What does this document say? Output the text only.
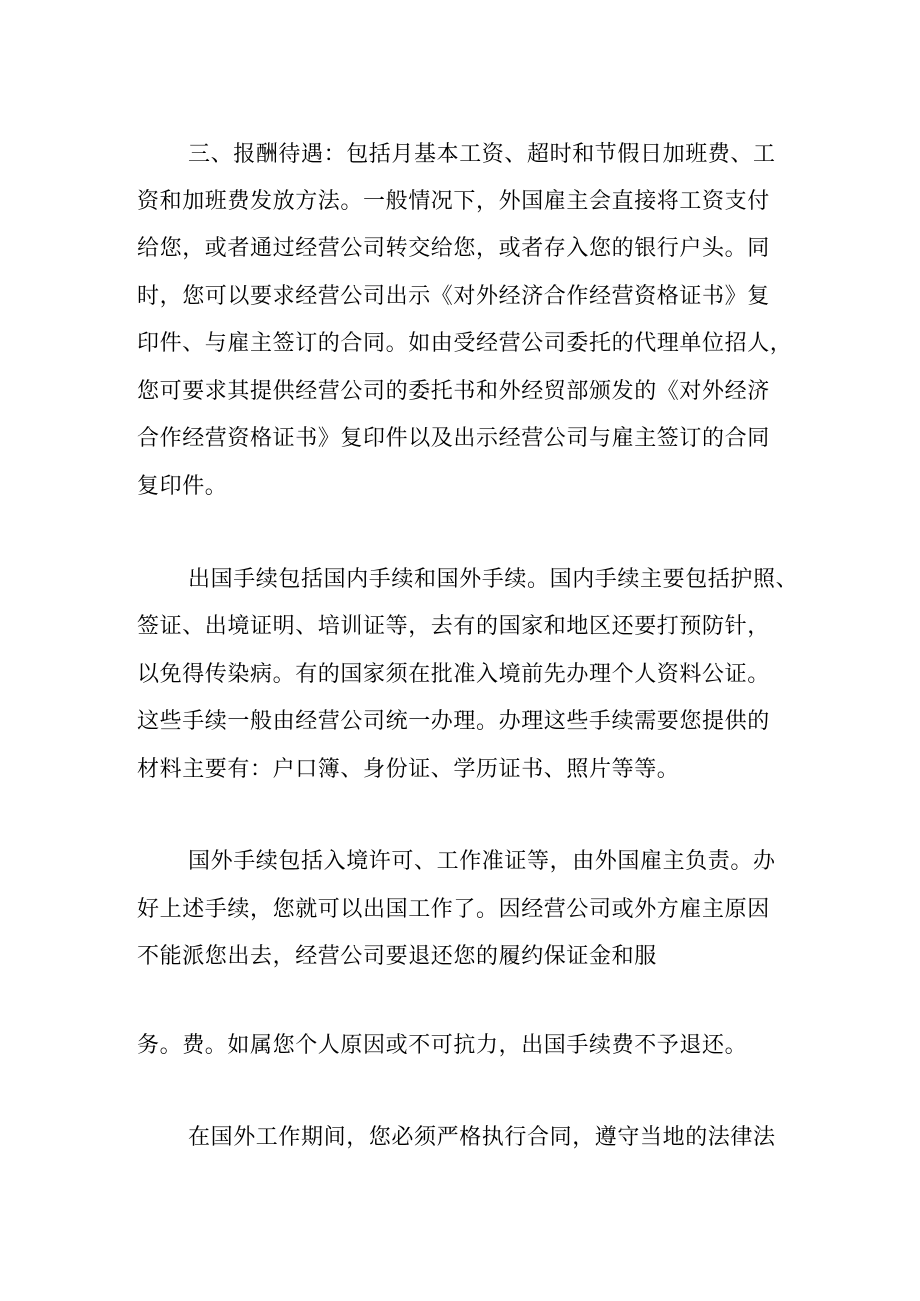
三、报酬待遇：包括月基本工资、超时和节假日加班费、工
资和加班费发放方法。一般情况下，外国雇主会直接将工资支付
给您，或者通过经营公司转交给您，或者存入您的银行户头。同
时，您可以要求经营公司出示《对外经济合作经营资格证书》复
印件、与雇主签订的合同。如由受经营公司委托的代理单位招人，
您可要求其提供经营公司的委托书和外经贸部颁发的《对外经济
合作经营资格证书》复印件以及出示经营公司与雇主签订的合同
复印件。
出国手续包括国内手续和国外手续。国内手续主要包括护照、
签证、出境证明、培训证等，去有的国家和地区还要打预防针，
以免得传染病。有的国家须在批准入境前先办理个人资料公证。
这些手续一般由经营公司统一办理。办理这些手续需要您提供的
材料主要有：户口簿、身份证、学历证书、照片等等。
国外手续包括入境许可、工作准证等，由外国雇主负责。办
好上述手续，您就可以出国工作了。因经营公司或外方雇主原因
不能派您出去，经营公司要退还您的履约保证金和服
务。费。如属您个人原因或不可抗力，出国手续费不予退还。
在国外工作期间，您必须严格执行合同，遵守当地的法律法
